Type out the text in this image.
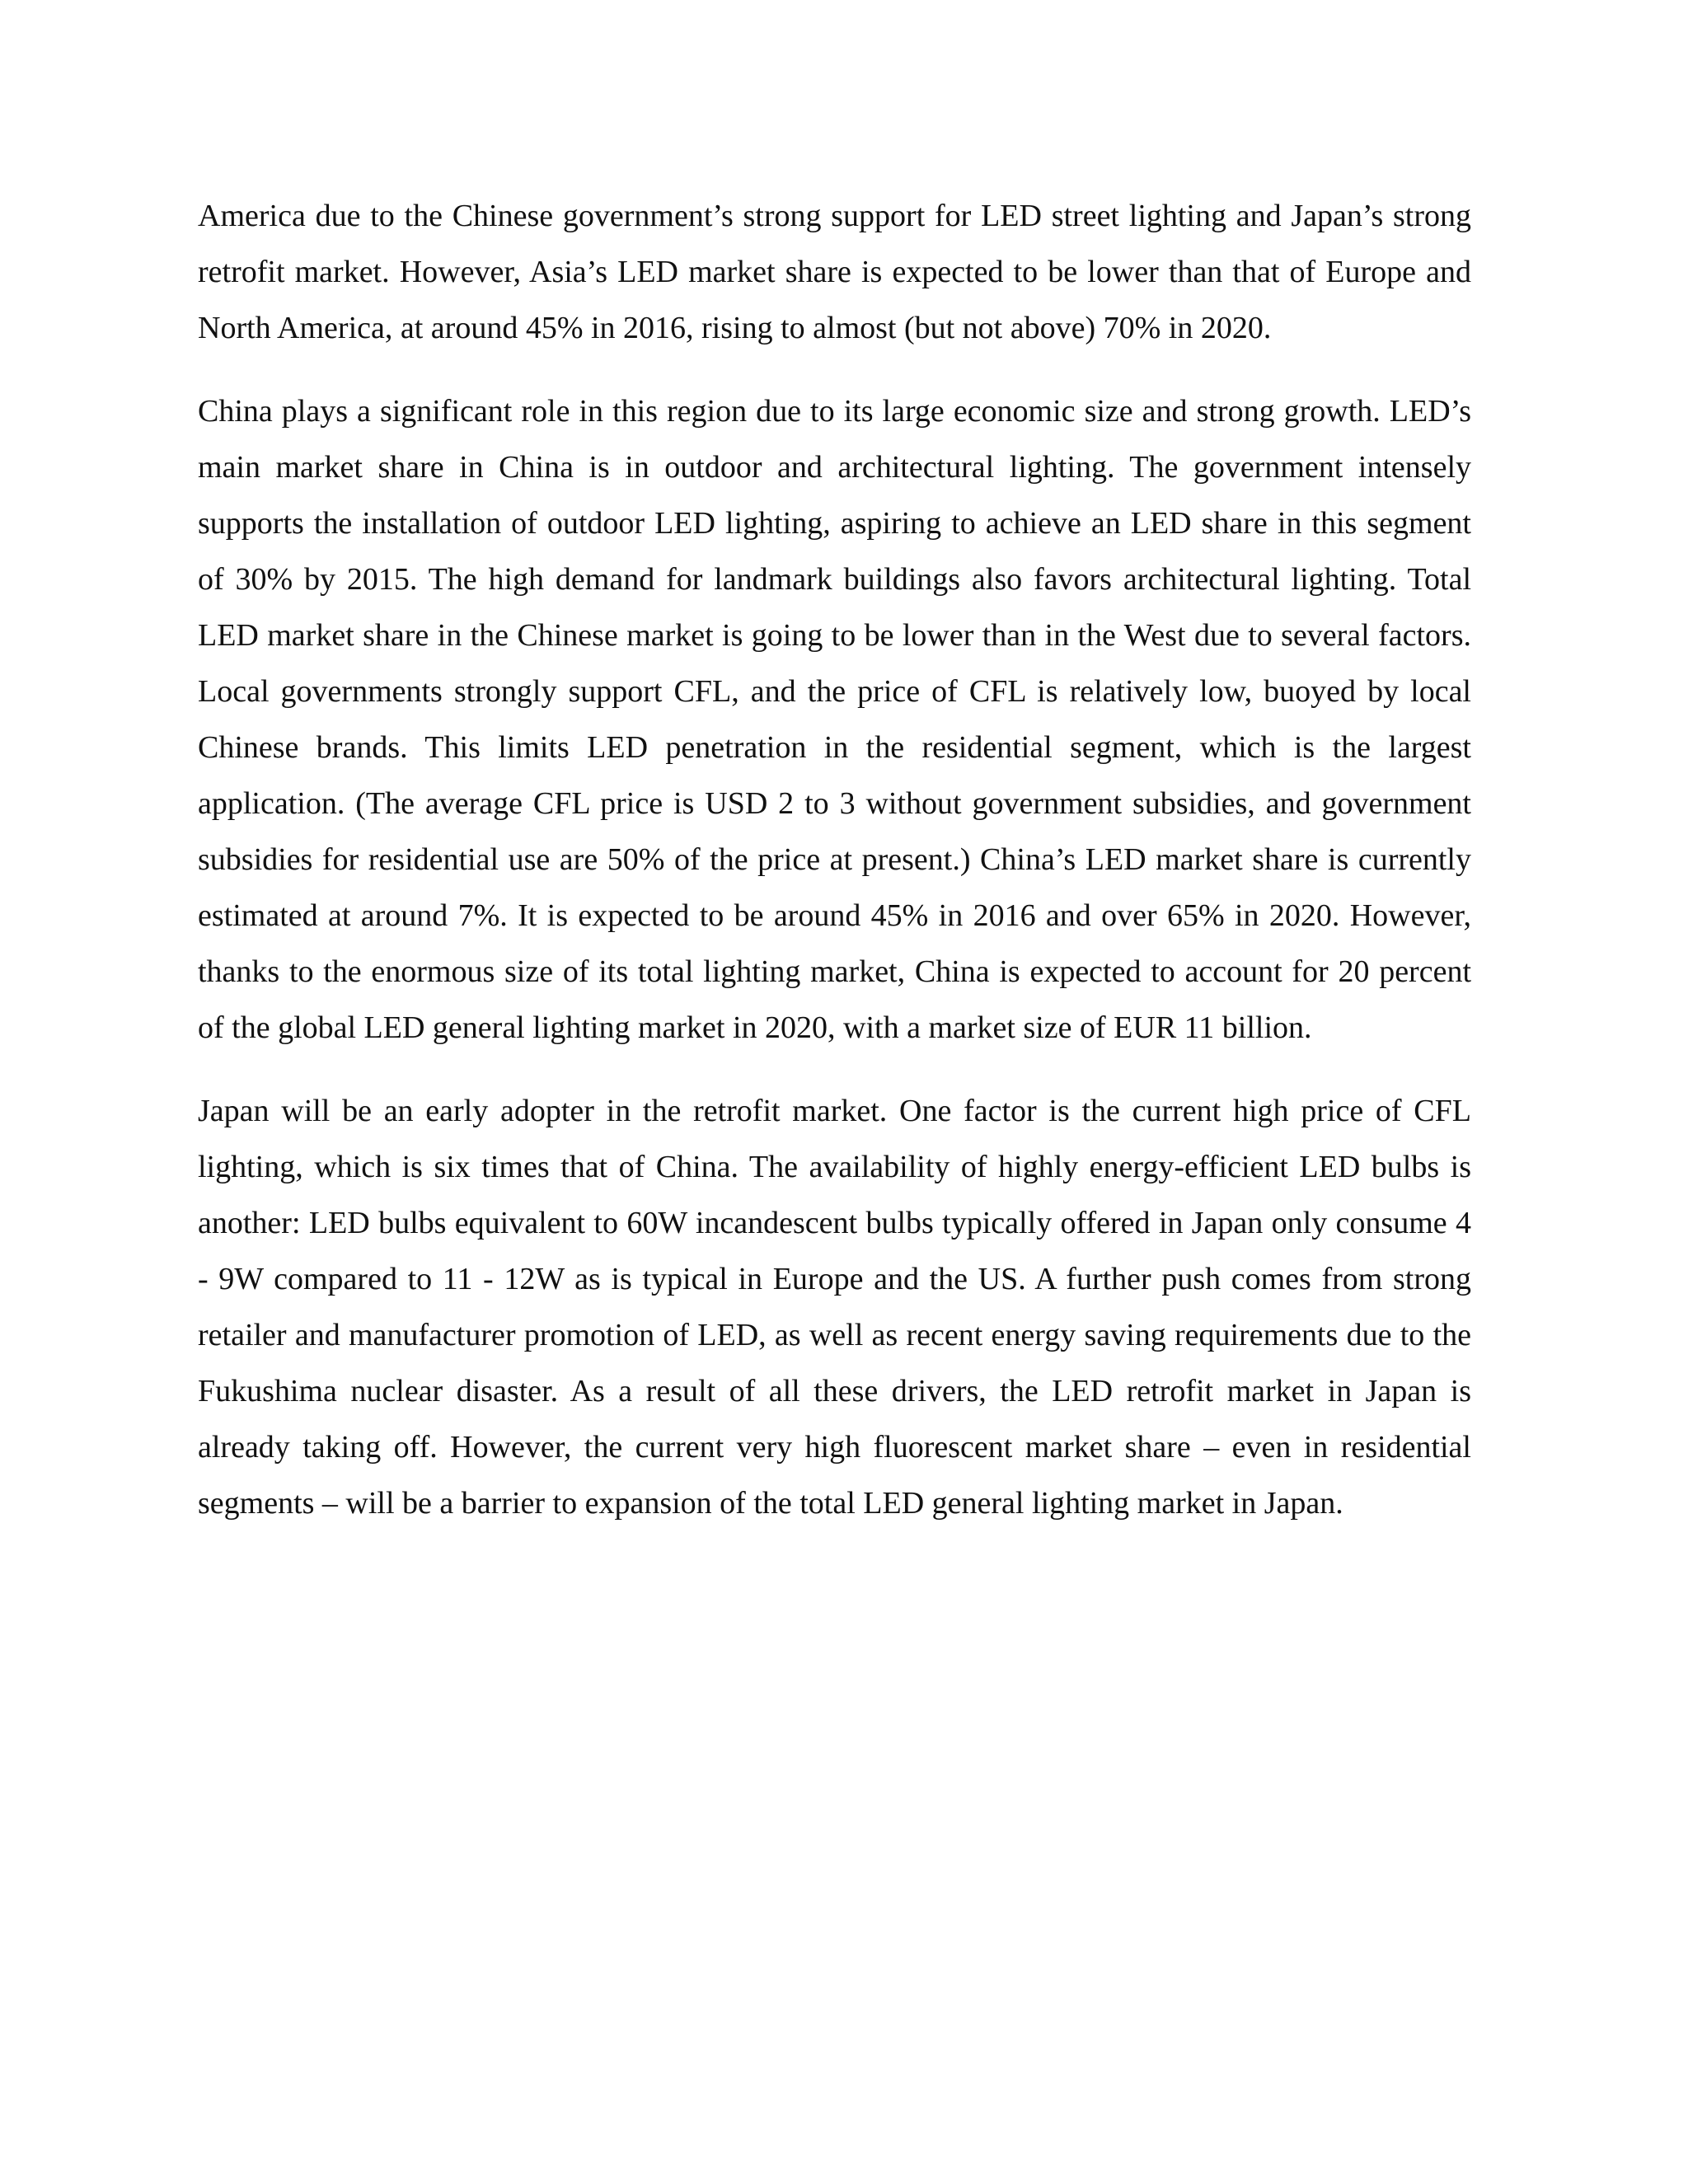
America due to the Chinese government’s strong support for LED street lighting and Japan’s strong retrofit market. However, Asia’s LED market share is expected to be lower than that of Europe and North America, at around 45% in 2016, rising to almost (but not above) 70% in 2020.

China plays a significant role in this region due to its large economic size and strong growth. LED’s main market share in China is in outdoor and architectural lighting. The government intensely supports the installation of outdoor LED lighting, aspiring to achieve an LED share in this segment of 30% by 2015. The high demand for landmark buildings also favors architectural lighting. Total LED market share in the Chinese market is going to be lower than in the West due to several factors. Local governments strongly support CFL, and the price of CFL is relatively low, buoyed by local Chinese brands. This limits LED penetration in the residential segment, which is the largest application. (The average CFL price is USD 2 to 3 without government subsidies, and government subsidies for residential use are 50% of the price at present.) China’s LED market share is currently estimated at around 7%. It is expected to be around 45% in 2016 and over 65% in 2020. However, thanks to the enormous size of its total lighting market, China is expected to account for 20 percent of the global LED general lighting market in 2020, with a market size of EUR 11 billion.

Japan will be an early adopter in the retrofit market. One factor is the current high price of CFL lighting, which is six times that of China. The availability of highly energy-efficient LED bulbs is another: LED bulbs equivalent to 60W incandescent bulbs typically offered in Japan only consume 4 - 9W compared to 11 - 12W as is typical in Europe and the US. A further push comes from strong retailer and manufacturer promotion of LED, as well as recent energy saving requirements due to the Fukushima nuclear disaster. As a result of all these drivers, the LED retrofit market in Japan is already taking off. However, the current very high fluorescent market share – even in residential segments – will be a barrier to expansion of the total LED general lighting market in Japan.
